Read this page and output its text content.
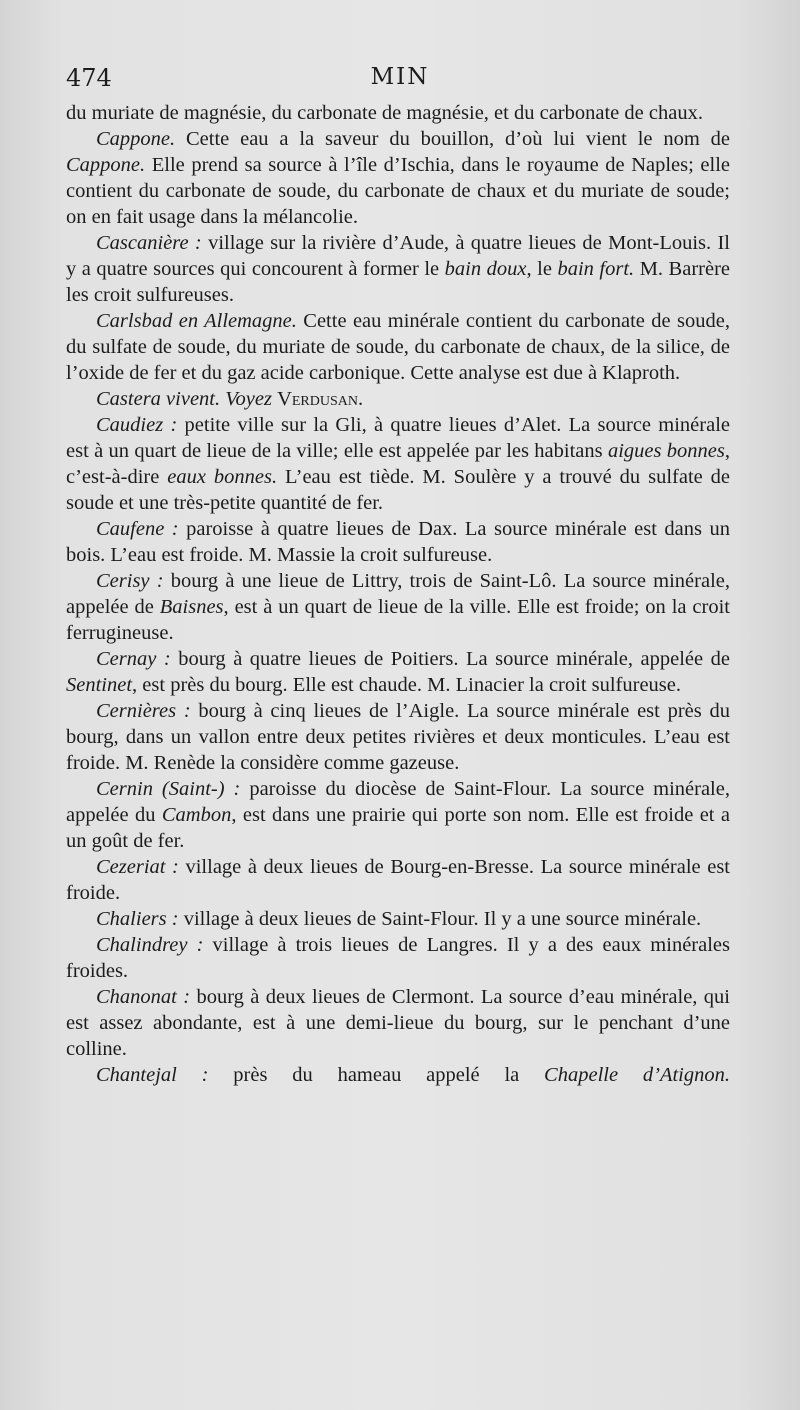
474	MIN

du muriate de magnésie, du carbonate de magnésie, et du carbonate de chaux.

Cappone. Cette eau a la saveur du bouillon, d’où lui vient le nom de Cappone. Elle prend sa source à l’île d’Ischia, dans le royaume de Naples; elle contient du carbonate de soude, du carbonate de chaux et du muriate de soude; on en fait usage dans la mélancolie.

Cascanière : village sur la rivière d’Aude, à quatre lieues de Mont-Louis. Il y a quatre sources qui concourent à former le bain doux, le bain fort. M. Barrère les croit sulfureuses.

Carlsbad en Allemagne. Cette eau minérale contient du carbonate de soude, du sulfate de soude, du muriate de soude, du carbonate de chaux, de la silice, de l’oxide de fer et du gaz acide carbonique. Cette analyse est due à Klaproth.

Castera vivent. Voyez Verdusan.

Caudiez : petite ville sur la Gli, à quatre lieues d’Alet. La source minérale est à un quart de lieue de la ville; elle est appelée par les habitans aigues bonnes, c’est-à-dire eaux bonnes. L’eau est tiède. M. Soulère y a trouvé du sulfate de soude et une très-petite quantité de fer.

Caufene : paroisse à quatre lieues de Dax. La source minérale est dans un bois. L’eau est froide. M. Massie la croit sulfureuse.

Cerisy : bourg à une lieue de Littry, trois de Saint-Lô. La source minérale, appelée de Baisnes, est à un quart de lieue de la ville. Elle est froide; on la croit ferrugineuse.

Cernay : bourg à quatre lieues de Poitiers. La source minérale, appelée de Sentinet, est près du bourg. Elle est chaude. M. Linacier la croit sulfureuse.

Cernières : bourg à cinq lieues de l’Aigle. La source minérale est près du bourg, dans un vallon entre deux petites rivières et deux monticules. L’eau est froide. M. Renède la considère comme gazeuse.

Cernin (Saint-) : paroisse du diocèse de Saint-Flour. La source minérale, appelée du Cambon, est dans une prairie qui porte son nom. Elle est froide et a un goût de fer.

Cezeriat : village à deux lieues de Bourg-en-Bresse. La source minérale est froide.

Chaliers : village à deux lieues de Saint-Flour. Il y a une source minérale.

Chalindrey : village à trois lieues de Langres. Il y a des eaux minérales froides.

Chanonat : bourg à deux lieues de Clermont. La source d’eau minérale, qui est assez abondante, est à une demi-lieue du bourg, sur le penchant d’une colline.

Chantejal : près du hameau appelé la Chapelle d’Atignon.
